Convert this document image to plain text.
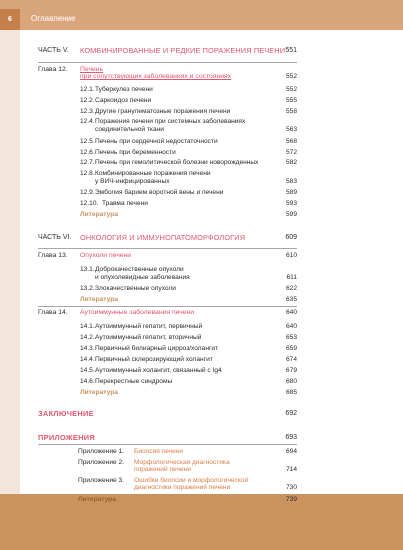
6	Оглавление
ЧАСТЬ V. КОМБИНИРОВАННЫЕ И РЕДКИЕ ПОРАЖЕНИЯ ПЕЧЕНИ 551
Глава 12. Печень
при сопутствующих заболеваниях и состояниях	552
12.1. Туберкулез печени	552
12.2. Саркоидоз печени	555
12.3. Другие гранулематозные поражения печени	558
12.4. Поражения печени при системных заболеваниях
соединительной ткани	563
12.5. Печень при сердечной недостаточности	568
12.6. Печень при беременности	572
12.7. Печень при гемолитической болезни новорожденных	582
12.8. Комбинированные поражения печени
у ВИЧ-инфицированных	583
12.9. Эмболия барием воротной вены и печени	589
12.10. Травма печени	593
Литература	599
ЧАСТЬ VI. ОНКОЛОГИЯ И ИММУНОПАТОМОРФОЛОГИЯ	609
Глава 13. Опухоли печени	610
13.1. Доброкачественные опухоли
и опухолевидные заболевания	611
13.2. Злокачественные опухоли	622
Литература	635
Глава 14. Аутоиммунные заболевания печени	640
14.1. Аутоиммунный гепатит, первичный	640
14.2. Аутоиммунный гепатит, вторичный	653
14.3. Первичный билиарный цирроз/холангит	659
14.4. Первичный склерозирующий холангит	674
14.5. Аутоиммунный холангит, связанный с Ig4	679
14.6. Перекрестные синдромы	680
Литература	685
ЗАКЛЮЧЕНИЕ	692
ПРИЛОЖЕНИЯ	693
Приложение 1. Биопсия печени	694
Приложение 2. Морфологическая диагностика
поражений печени	714
Приложение 3. Ошибки биопсии и морфологической
диагностики поражений печени	730
Литература	739
